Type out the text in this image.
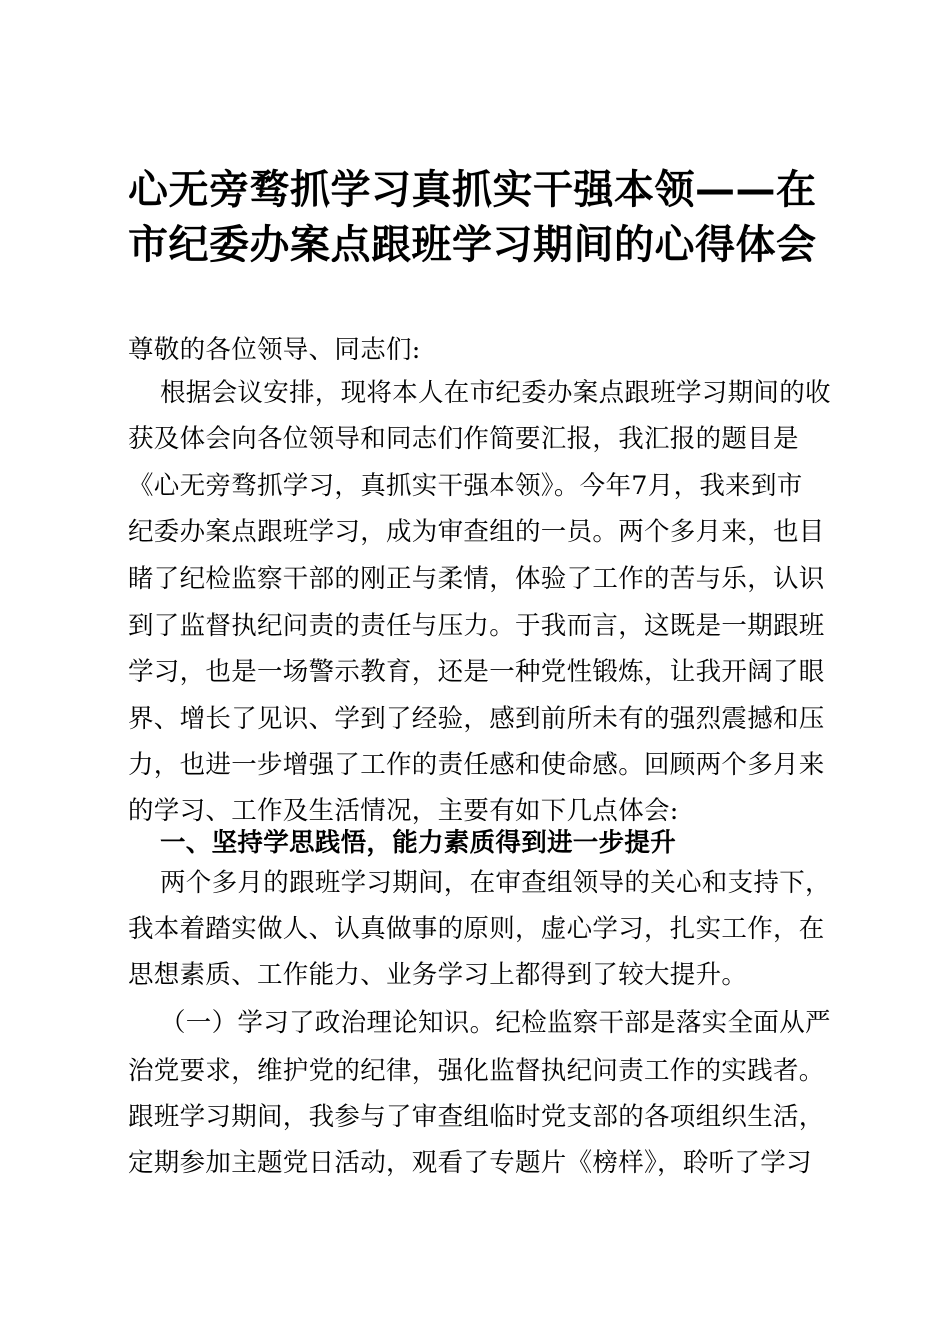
心无旁骛抓学习真抓实干强本领——在
市纪委办案点跟班学习期间的心得体会
尊敬的各位领导、同志们:
根据会议安排，现将本人在市纪委办案点跟班学习期间的收
获及体会向各位领导和同志们作简要汇报，我汇报的题目是
《心无旁骛抓学习，真抓实干强本领》。今年7月，我来到市
纪委办案点跟班学习，成为审查组的一员。两个多月来，也目
睹了纪检监察干部的刚正与柔情，体验了工作的苦与乐，认识
到了监督执纪问责的责任与压力。于我而言，这既是一期跟班
学习，也是一场警示教育，还是一种党性锻炼，让我开阔了眼
界、增长了见识、学到了经验，感到前所未有的强烈震撼和压
力，也进一步增强了工作的责任感和使命感。回顾两个多月来
的学习、工作及生活情况，主要有如下几点体会:
一、坚持学思践悟，能力素质得到进一步提升
两个多月的跟班学习期间，在审查组领导的关心和支持下，
我本着踏实做人、认真做事的原则，虚心学习，扎实工作，在
思想素质、工作能力、业务学习上都得到了较大提升。
（一）学习了政治理论知识。纪检监察干部是落实全面从严
治党要求，维护党的纪律，强化监督执纪问责工作的实践者。
跟班学习期间，我参与了审查组临时党支部的各项组织生活，
定期参加主题党日活动，观看了专题片《榜样》，聆听了学习
